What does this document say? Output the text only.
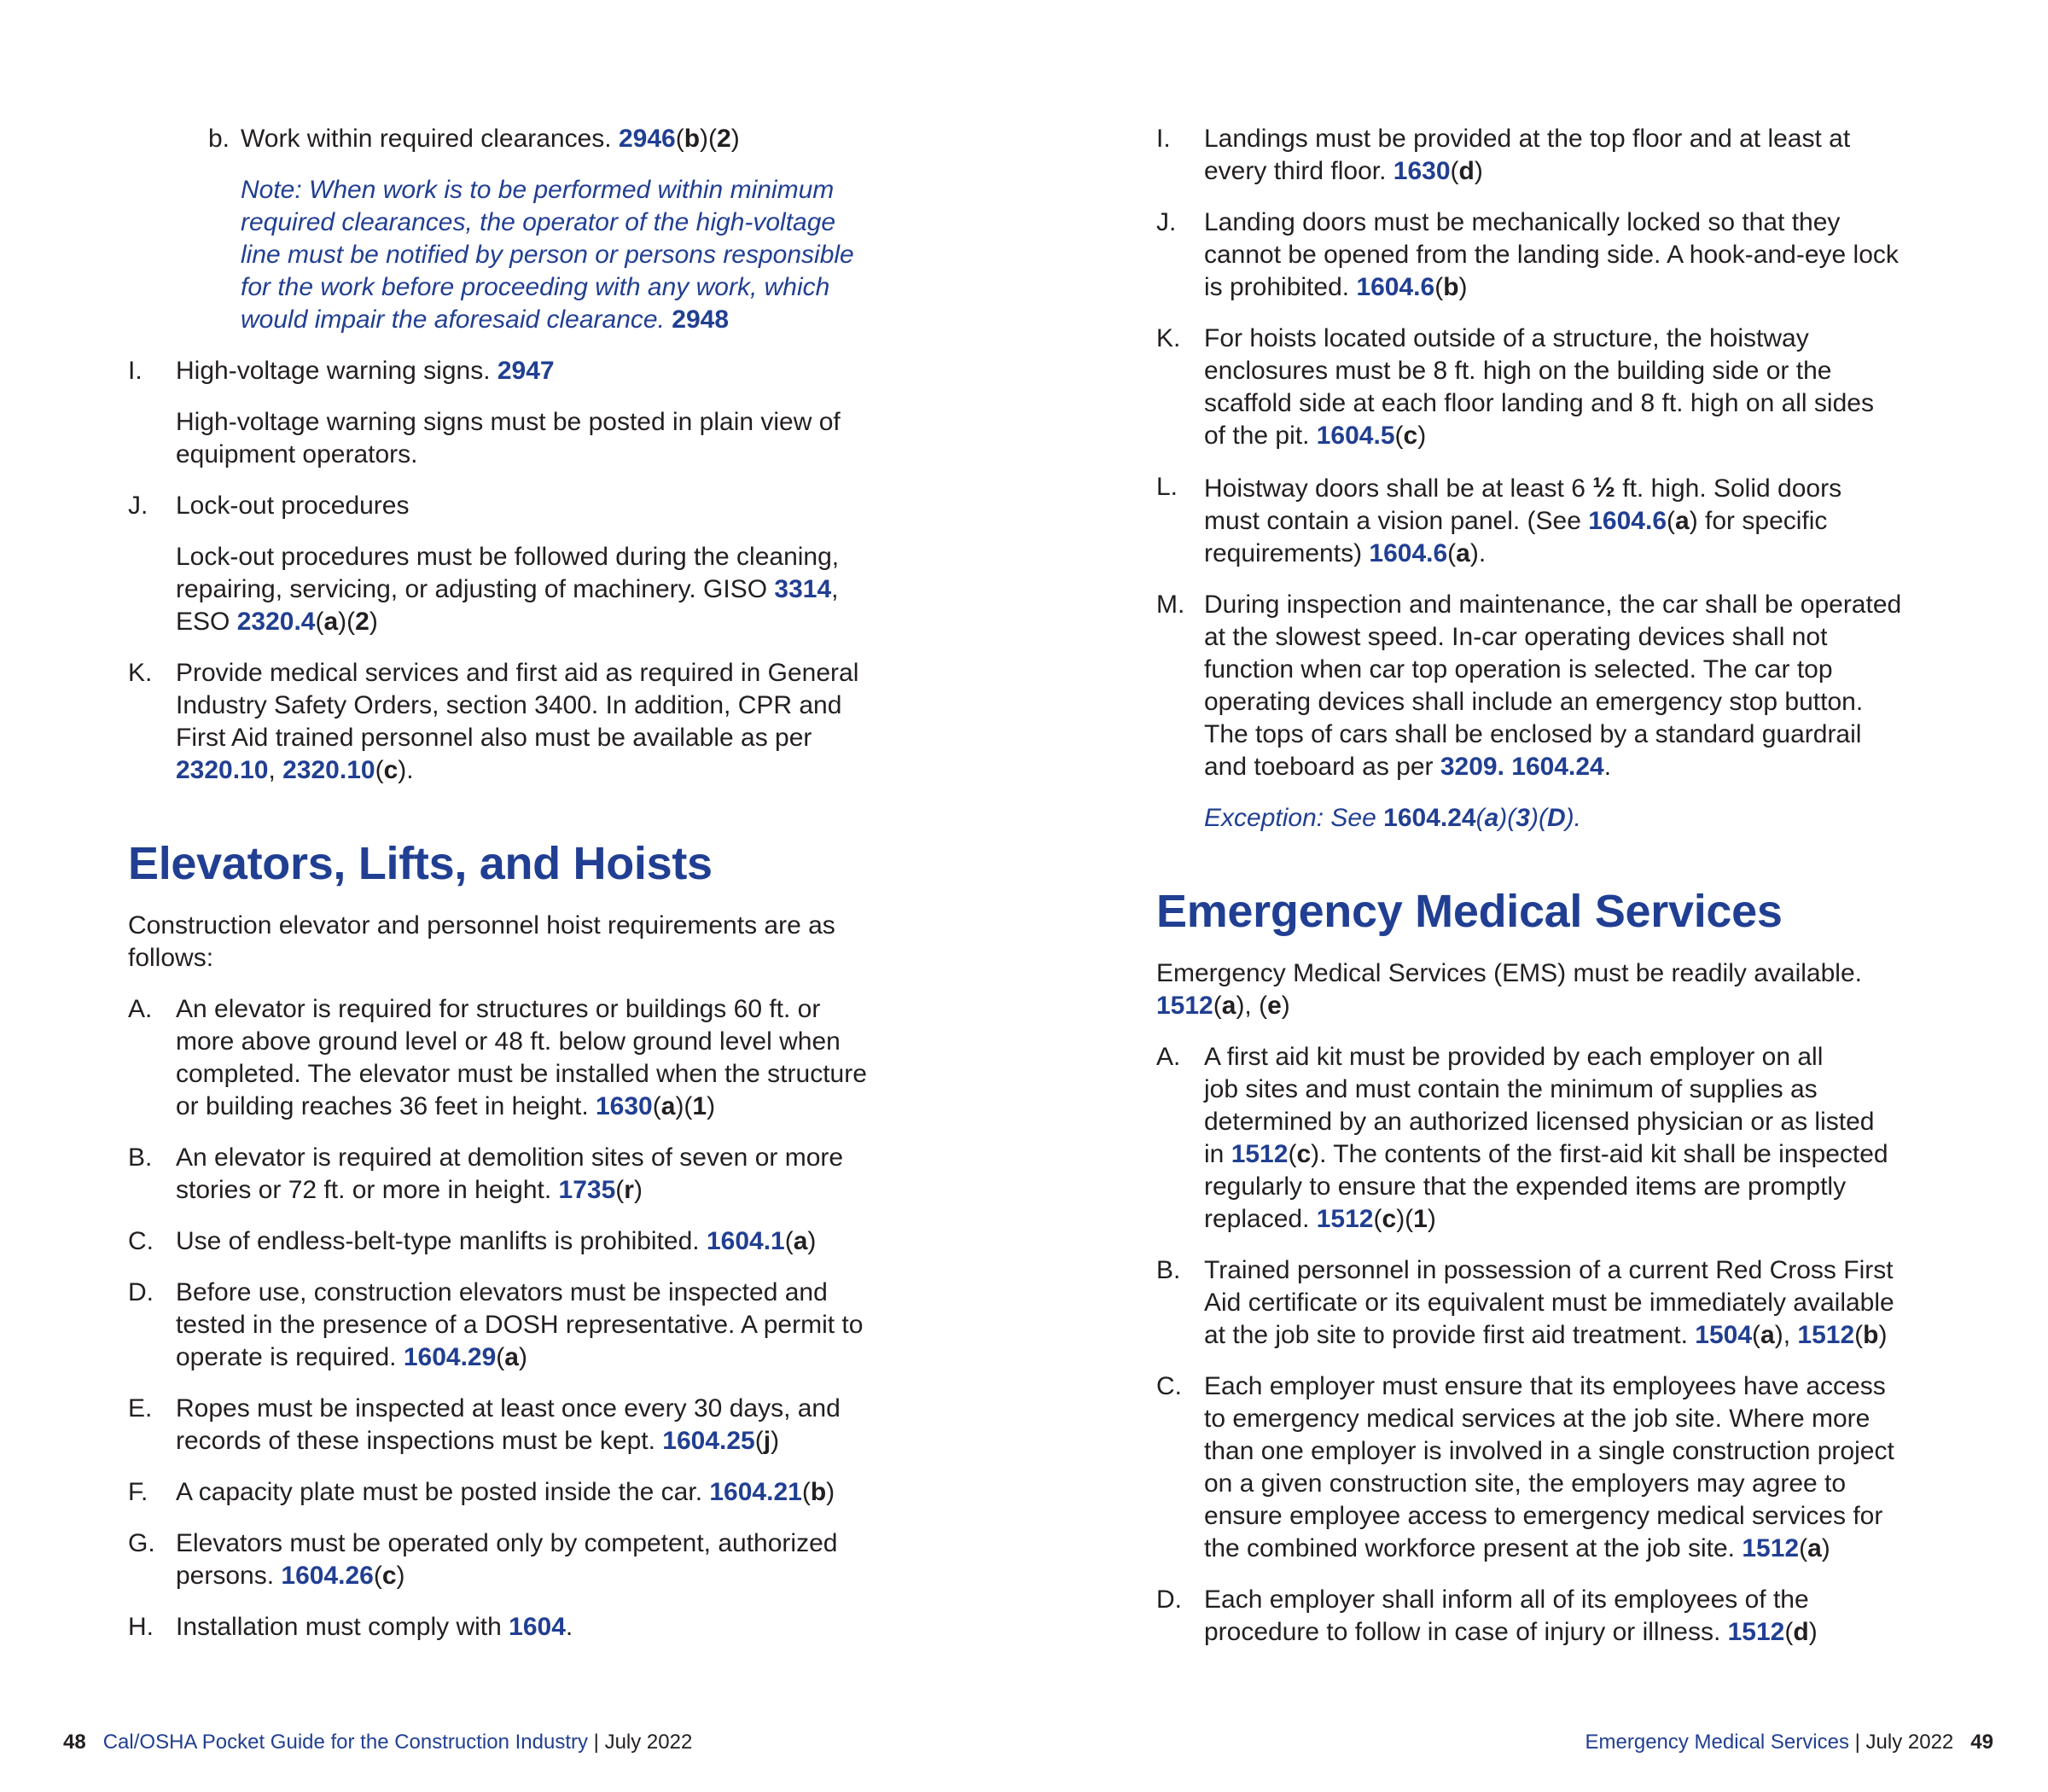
b. Work within required clearances. 2946(b)(2)
Note: When work is to be performed within minimum
required clearances, the operator of the high-voltage
line must be notified by person or persons responsible
for the work before proceeding with any work, which
would impair the aforesaid clearance. 2948
I. High-voltage warning signs. 2947
High-voltage warning signs must be posted in plain view of
equipment operators.
J. Lock-out procedures
Lock-out procedures must be followed during the cleaning,
repairing, servicing, or adjusting of machinery. GISO 3314,
ESO 2320.4(a)(2)
K. Provide medical services and first aid as required in General
Industry Safety Orders, section 3400. In addition, CPR and
First Aid trained personnel also must be available as per
2320.10, 2320.10(c).
Elevators, Lifts, and Hoists

Construction elevator and personnel hoist requirements are as
follows:

A. An elevator is required for structures or buildings 60 ft. or
more above ground level or 48 ft. below ground level when
completed. The elevator must be installed when the structure
or building reaches 36 feet in height. 1630(a)(1)
B. An elevator is required at demolition sites of seven or more
stories or 72 ft. or more in height. 1735(r)
C. Use of endless-belt-type manlifts is prohibited. 1604.1(a)
D. Before use, construction elevators must be inspected and
tested in the presence of a DOSH representative. A permit to
operate is required. 1604.29(a)
E. Ropes must be inspected at least once every 30 days, and
records of these inspections must be kept. 1604.25(j)
F. A capacity plate must be posted inside the car. 1604.21(b)
G. Elevators must be operated only by competent, authorized
persons. 1604.26(c)
H. Installation must comply with 1604.
I. Landings must be provided at the top floor and at least at
every third floor. 1630(d)
J. Landing doors must be mechanically locked so that they
cannot be opened from the landing side. A hook-and-eye lock
is prohibited. 1604.6(b)
K. For hoists located outside of a structure, the hoistway
enclosures must be 8 ft. high on the building side or the
scaffold side at each floor landing and 8 ft. high on all sides
of the pit. 1604.5(c)
L. Hoistway doors shall be at least 6 ½ ft. high. Solid doors
must contain a vision panel. (See 1604.6(a) for specific
requirements) 1604.6(a).
M. During inspection and maintenance, the car shall be operated
at the slowest speed. In-car operating devices shall not
function when car top operation is selected. The car top
operating devices shall include an emergency stop button.
The tops of cars shall be enclosed by a standard guardrail
and toeboard as per 3209. 1604.24.
Exception: See 1604.24(a)(3)(D).
Emergency Medical Services

Emergency Medical Services (EMS) must be readily available.
1512(a), (e)

A. A first aid kit must be provided by each employer on all
job sites and must contain the minimum of supplies as
determined by an authorized licensed physician or as listed
in 1512(c). The contents of the first-aid kit shall be inspected
regularly to ensure that the expended items are promptly
replaced. 1512(c)(1)
B. Trained personnel in possession of a current Red Cross First
Aid certificate or its equivalent must be immediately available
at the job site to provide first aid treatment. 1504(a), 1512(b)
C. Each employer must ensure that its employees have access
to emergency medical services at the job site. Where more
than one employer is involved in a single construction project
on a given construction site, the employers may agree to
ensure employee access to emergency medical services for
the combined workforce present at the job site. 1512(a)
D. Each employer shall inform all of its employees of the
procedure to follow in case of injury or illness. 1512(d)
48 Cal/OSHA Pocket Guide for the Construction Industry | July 2022	Emergency Medical Services | July 2022 49
